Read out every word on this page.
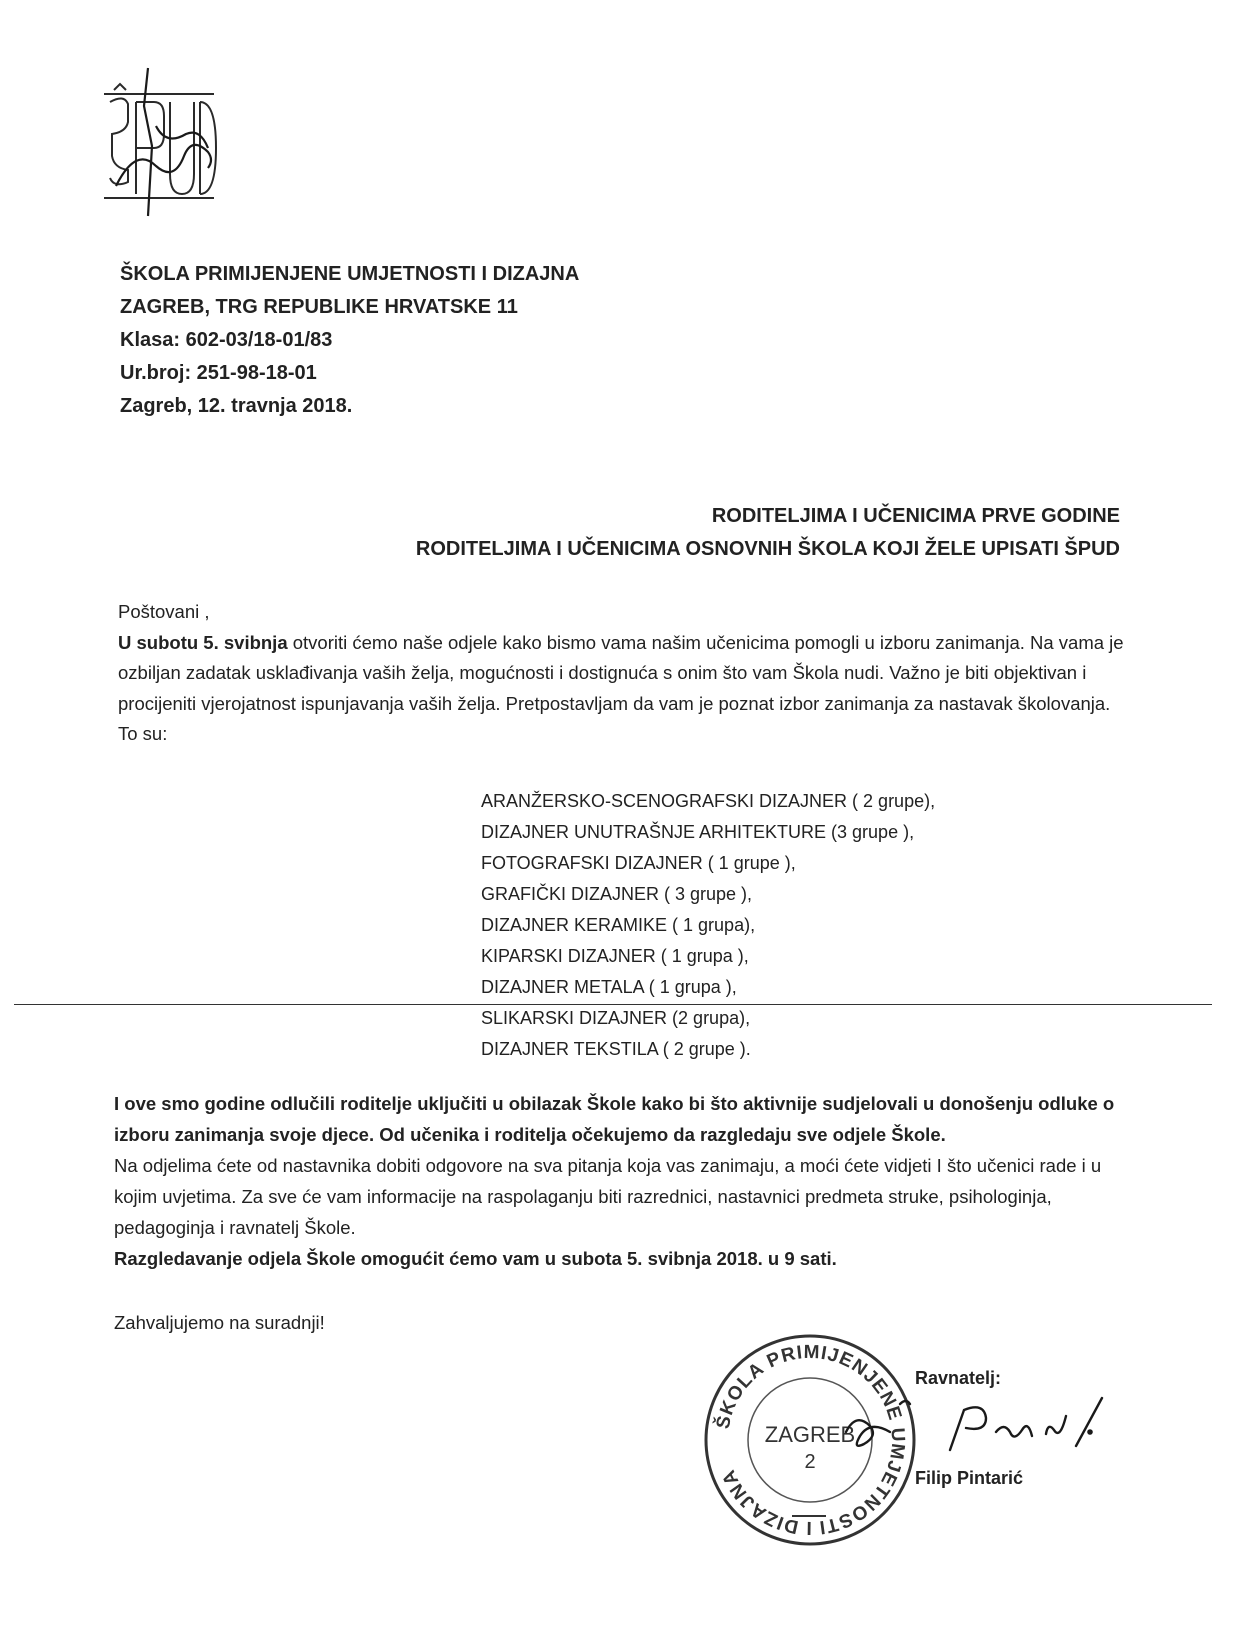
ŠKOLA PRIMIJENJENE UMJETNOSTI I DIZAJNA
ZAGREB, TRG REPUBLIKE HRVATSKE 11
Klasa: 602-03/18-01/83
Ur.broj: 251-98-18-01
Zagreb, 12. travnja 2018.
RODITELJIMA I UČENICIMA PRVE GODINE
RODITELJIMA I UČENICIMA OSNOVNIH ŠKOLA KOJI ŽELE UPISATI ŠPUD

Poštovani ,

U subotu 5. svibnja otvoriti ćemo naše odjele kako bismo vama našim učenicima pomogli u izboru zanimanja. Na vama je ozbiljan zadatak usklađivanja vaših želja, mogućnosti i dostignuća s onim što vam Škola nudi. Važno je biti objektivan i procijeniti vjerojatnost ispunjavanja vaših želja. Pretpostavljam da vam je poznat izbor zanimanja za nastavak školovanja. To su:

ARANŽERSKO-SCENOGRAFSKI DIZAJNER ( 2 grupe),
DIZAJNER UNUTRAŠNJE ARHITEKTURE (3 grupe ),
FOTOGRAFSKI DIZAJNER ( 1 grupe ),
GRAFIČKI DIZAJNER ( 3 grupe ),
DIZAJNER KERAMIKE ( 1 grupa),
KIPARSKI DIZAJNER ( 1 grupa ),
DIZAJNER METALA ( 1 grupa ),
SLIKARSKI DIZAJNER (2 grupa),
DIZAJNER TEKSTILA ( 2 grupe ).

I ove smo godine odlučili roditelje uključiti u obilazak Škole kako bi što aktivnije sudjelovali u donošenju odluke o izboru zanimanja svoje djece. Od učenika i roditelja očekujemo da razgledaju sve odjele Škole.

Na odjelima ćete od nastavnika dobiti odgovore na sva pitanja koja vas zanimaju, a moći ćete vidjeti I što učenici rade i u kojim uvjetima. Za sve će vam informacije na raspolaganju biti razrednici, nastavnici predmeta struke, psihologinja, pedagoginja i ravnatelj Škole.

Razgledavanje odjela Škole omogućit ćemo vam u subota 5. svibnja 2018. u 9 sati.

Zahvaljujemo na suradnji!
ŠKOLA PRIMIJENJENE UMJETNOSTI I DIZAJNA
ZAGREB
2
Ravnatelj:
Filip Pintarić
